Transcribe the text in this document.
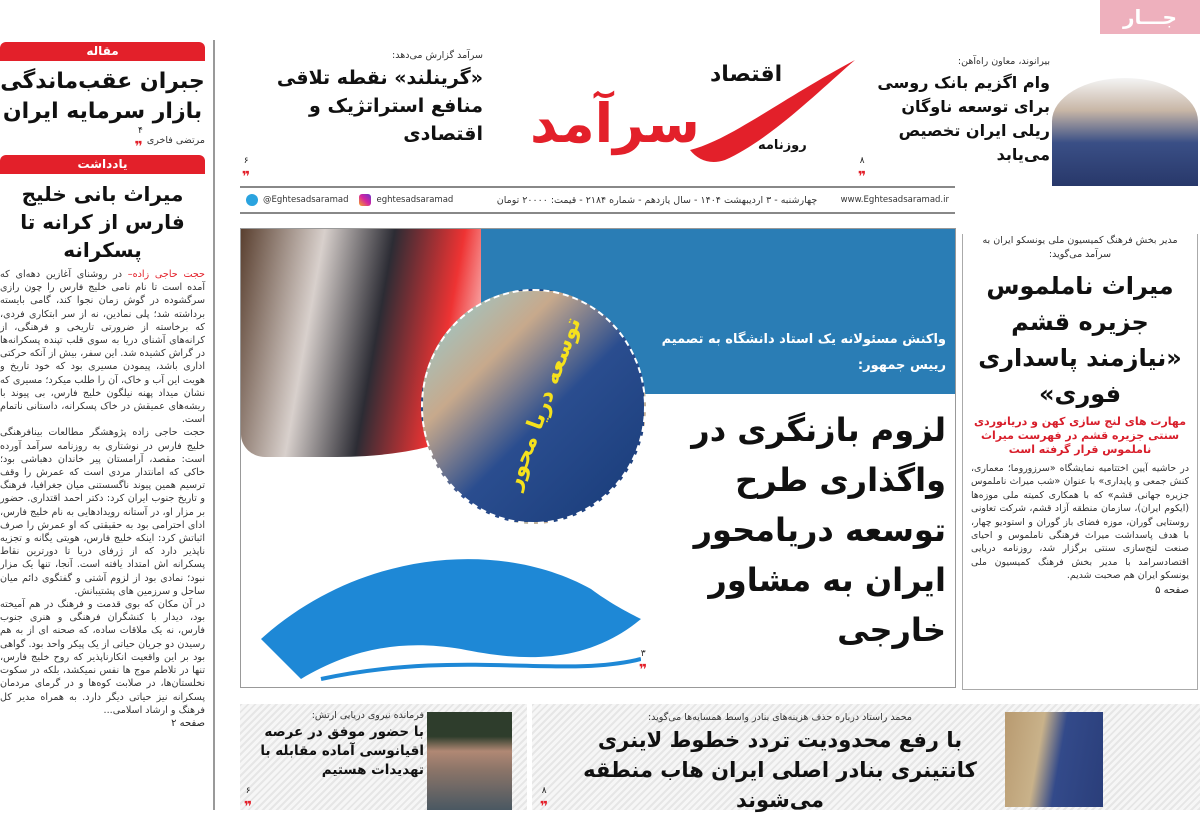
جـــار
مقاله
جبران عقب‌ماندگی بازار سرمایه ایران
مرتضی فاخری
۴
❞
یادداشت
میراث بانی خلیج فارس از کرانه تا پسکرانه
حجت حاجی زاده– در روشنای آغازین دهه‌ای که آمده است تا نام نامی خلیج فارس را چون رازی سرگشوده در گوش زمان نجوا کند، گامی بایسته برداشته شد؛ پلی نمادین، نه از سر ابتکاری فردی، که برخاسته از ضرورتی تاریخی و فرهنگی، از کرانه‌های آشنای دریا به سوی قلب تپنده پسکرانه‌ها در گراش کشیده شد. این سفر، بیش از آنکه حرکتی اداری باشد، پیمودن مسیری بود که خود تاریخ و هویت این آب و خاک، آن را طلب میکرد؛ مسیری که نشان میداد پهنه نیلگون خلیج فارس، بی پیوند با ریشه‌های عمیقش در خاک پسکرانه، داستانی ناتمام است.
حجت حاجی زاده پژوهشگر مطالعات بینافرهنگی خلیج فارس در نوشتاری به روزنامه سرآمد آورده است: مقصد، آرامستان پیر خاندان دهباشی بود؛ خاکی که امانتدار مردی است که عمرش را وقف ترسیم همین پیوند ناگسستنی میان جغرافیا، فرهنگ و تاریخ جنوب ایران کرد: دکتر احمد اقتداری. حضور بر مزار او، در آستانه رویدادهایی به نام خلیج فارس، ادای احترامی بود به حقیقتی که او عمرش را صرف اثباتش کرد: اینکه خلیج فارس، هویتی یگانه و تجزیه ناپذیر دارد که از ژرفای دریا تا دورترین نقاط پسکرانه اش امتداد یافته است. آنجا، تنها یک مزار نبود؛ نمادی بود از لزوم آشتی و گفتگوی دائم میان ساحل و سرزمین های پشتیبانش.
در آن مکان که بوی قدمت و فرهنگ در هم آمیخته بود، دیدار با کنشگران فرهنگی و هنری جنوب فارس، نه یک ملاقات ساده، که صحنه ای از به هم رسیدن دو جریان حیاتی از یک پیکر واحد بود. گواهی بود بر این واقعیت انکارناپذیر که روح خلیج فارس، تنها در تلاطم موج ها نفس نمیکشد، بلکه در سکوت نخلستان‌ها، در صلابت کوه‌ها و در گرمای مردمان پسکرانه نیز حیاتی دیگر دارد. به همراه مدیر کل فرهنگ و ارشاد اسلامی...
صفحه ۲
سرآمد گزارش می‌دهد:
«گرینلند» نقطه تلاقی منافع استراتژیک و اقتصادی
۶
❞
سرآمد
اقتصاد
روزنامه
بیرانوند، معاون راه‌آهن:
وام اگزیم بانک روسی برای توسعه ناوگان ریلی ایران تخصیص می‌یابد
۸
❞
@Eghtesadsaramad	eghtesadsaramad	چهارشنبه - ۳ اردیبهشت ۱۴۰۴ - سال یازدهم - شماره ۲۱۸۴ - قیمت: ۲۰۰۰۰ تومان	www.Eghtesadsaramad.ir
توسعه دریا محور	واکنش مسئولانه یک استاد دانشگاه به تصمیم رییس جمهور:
لزوم بازنگری در واگذاری طرح توسعه دریامحور ایران به مشاور خارجی
۳
❞
مدیر بخش فرهنگ کمیسیون ملی یونسکو ایران به سرآمد می‌گوید:
میراث ناملموس جزیره قشم «نیازمند پاسداری فوری»
مهارت های لنج سازی کهن و دریانوردی سنتی جزیره قشم در فهرست میراث ناملموس قرار گرفته است
در حاشیه آیین اختتامیه نمایشگاه «سرزورو‌ما؛ معماری، کنش جمعی و پایداری» با عنوان «شب میراث ناملموس جزیره جهانی قشم» که با همکاری کمیته ملی موزه‌ها (ایکوم ایران)، سازمان منطقه آزاد قشم، شرکت تعاونی روستایی گوران، موزه فضای باز گوران و استودیو چهار، با هدف پاسداشت میراث فرهنگی ناملموس و احیای صنعت لنج‌سازی سنتی برگزار شد، روزنامه دریایی اقتصادسرامد با مدیر بخش فرهنگ کمیسیون ملی یونسکو ایران هم صحبت شدیم.
صفحه ۵
فرمانده نیروی دریایی ارتش:
با حضور موفق در عرصه اقیانوسی آماده مقابله با تهدیدات هستیم
۶
❞
محمد راستاد درباره حذف هزینه‌های بنادر واسط همسایه‌ها می‌گوید:
با رفع محدودیت تردد خطوط لاینری کانتینری بنادر اصلی ایران هاب منطقه می‌شوند
۸
❞
